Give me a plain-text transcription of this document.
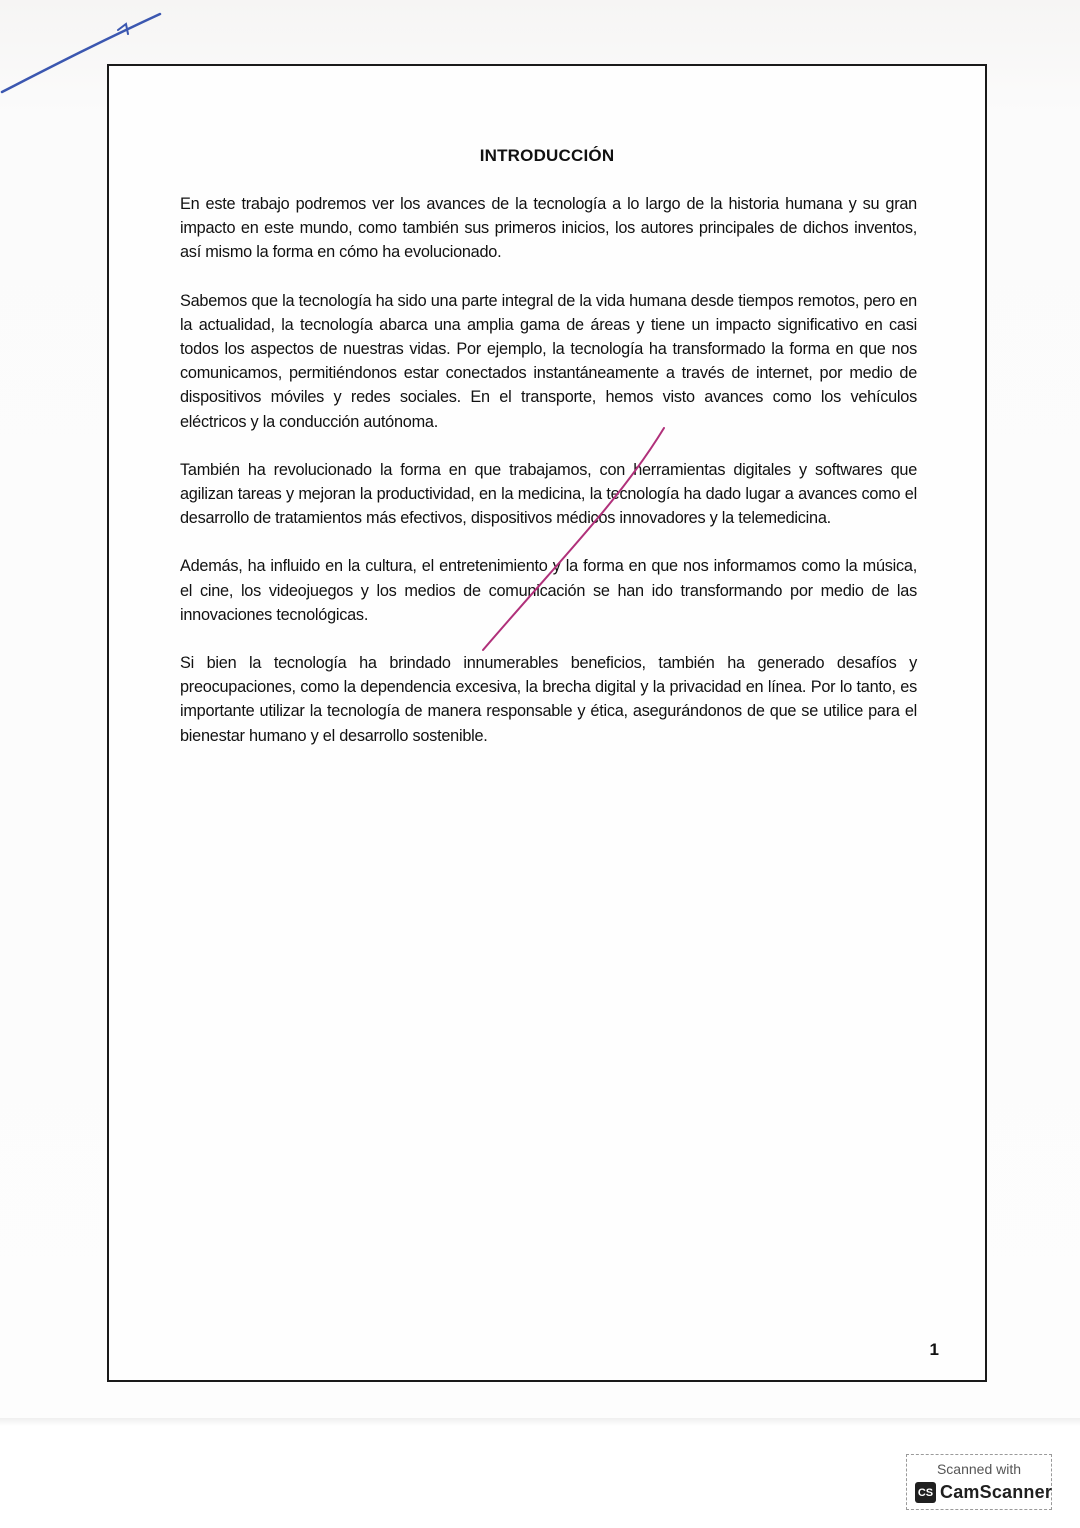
INTRODUCCIÓN

En este trabajo podremos ver los avances de la tecnología a lo largo de la historia humana y su gran impacto en este mundo, como también sus primeros inicios, los autores principales de dichos inventos, así mismo la forma en cómo ha evolucionado.

Sabemos que la tecnología ha sido una parte integral de la vida humana desde tiempos remotos, pero en la actualidad, la tecnología abarca una amplia gama de áreas y tiene un impacto significativo en casi todos los aspectos de nuestras vidas. Por ejemplo, la tecnología ha transformado la forma en que nos comunicamos, permitiéndonos estar conectados instantáneamente a través de internet, por medio de dispositivos móviles y redes sociales. En el transporte, hemos visto avances como los vehículos eléctricos y la conducción autónoma.

También ha revolucionado la forma en que trabajamos, con herramientas digitales y softwares que agilizan tareas y mejoran la productividad, en la medicina, la tecnología ha dado lugar a avances como el desarrollo de tratamientos más efectivos, dispositivos médicos innovadores y la telemedicina.

Además, ha influido en la cultura, el entretenimiento y la forma en que nos informamos como la música, el cine, los videojuegos y los medios de comunicación se han ido transformando por medio de las innovaciones tecnológicas.

Si bien la tecnología ha brindado innumerables beneficios, también ha generado desafíos y preocupaciones, como la dependencia excesiva, la brecha digital y la privacidad en línea. Por lo tanto, es importante utilizar la tecnología de manera responsable y ética, asegurándonos de que se utilice para el bienestar humano y el desarrollo sostenible.

1
Scanned with
CS CamScanner
